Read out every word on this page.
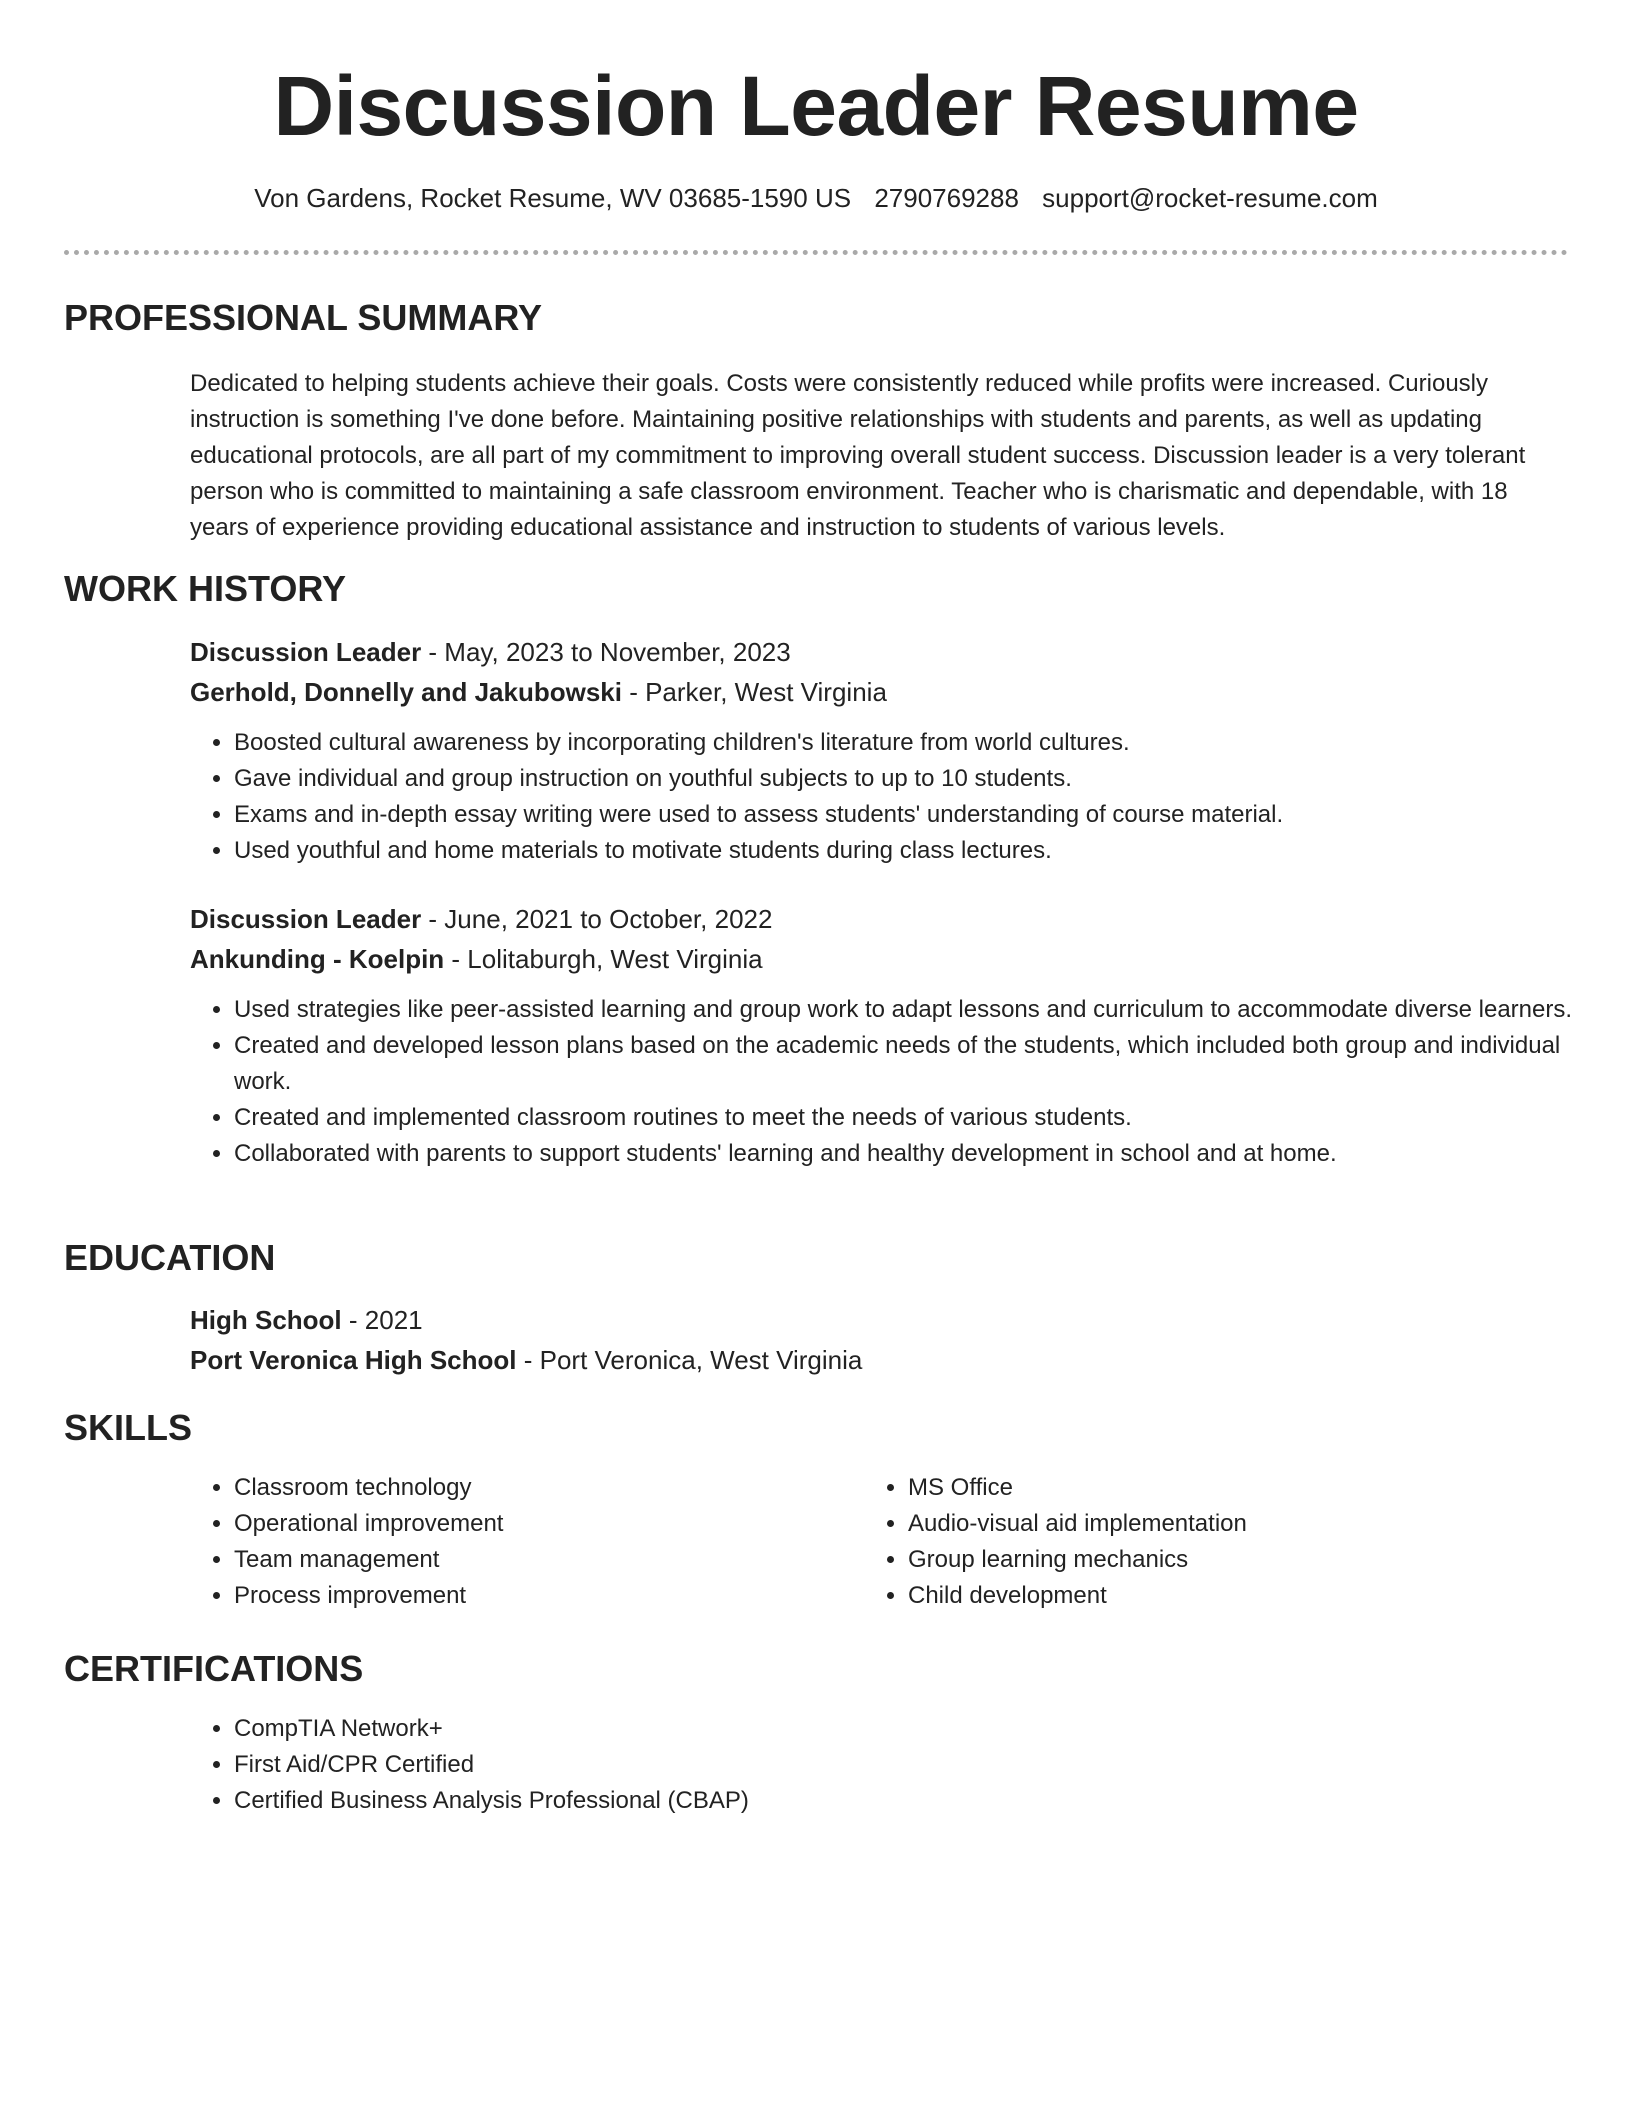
Discussion Leader Resume
Von Gardens, Rocket Resume, WV 03685-1590 US 2790769288 support@rocket-resume.com
PROFESSIONAL SUMMARY
Dedicated to helping students achieve their goals. Costs were consistently reduced while profits were increased. Curiously instruction is something I've done before. Maintaining positive relationships with students and parents, as well as updating educational protocols, are all part of my commitment to improving overall student success. Discussion leader is a very tolerant person who is committed to maintaining a safe classroom environment. Teacher who is charismatic and dependable, with 18 years of experience providing educational assistance and instruction to students of various levels.
WORK HISTORY
Discussion Leader - May, 2023 to November, 2023
Gerhold, Donnelly and Jakubowski - Parker, West Virginia
• Boosted cultural awareness by incorporating children's literature from world cultures.
• Gave individual and group instruction on youthful subjects to up to 10 students.
• Exams and in-depth essay writing were used to assess students' understanding of course material.
• Used youthful and home materials to motivate students during class lectures.
Discussion Leader - June, 2021 to October, 2022
Ankunding - Koelpin - Lolitaburgh, West Virginia
• Used strategies like peer-assisted learning and group work to adapt lessons and curriculum to accommodate diverse learners.
• Created and developed lesson plans based on the academic needs of the students, which included both group and individual work.
• Created and implemented classroom routines to meet the needs of various students.
• Collaborated with parents to support students' learning and healthy development in school and at home.
EDUCATION
High School - 2021
Port Veronica High School - Port Veronica, West Virginia
SKILLS
• Classroom technology
• Operational improvement
• Team management
• Process improvement
• MS Office
• Audio-visual aid implementation
• Group learning mechanics
• Child development
CERTIFICATIONS
• CompTIA Network+
• First Aid/CPR Certified
• Certified Business Analysis Professional (CBAP)
